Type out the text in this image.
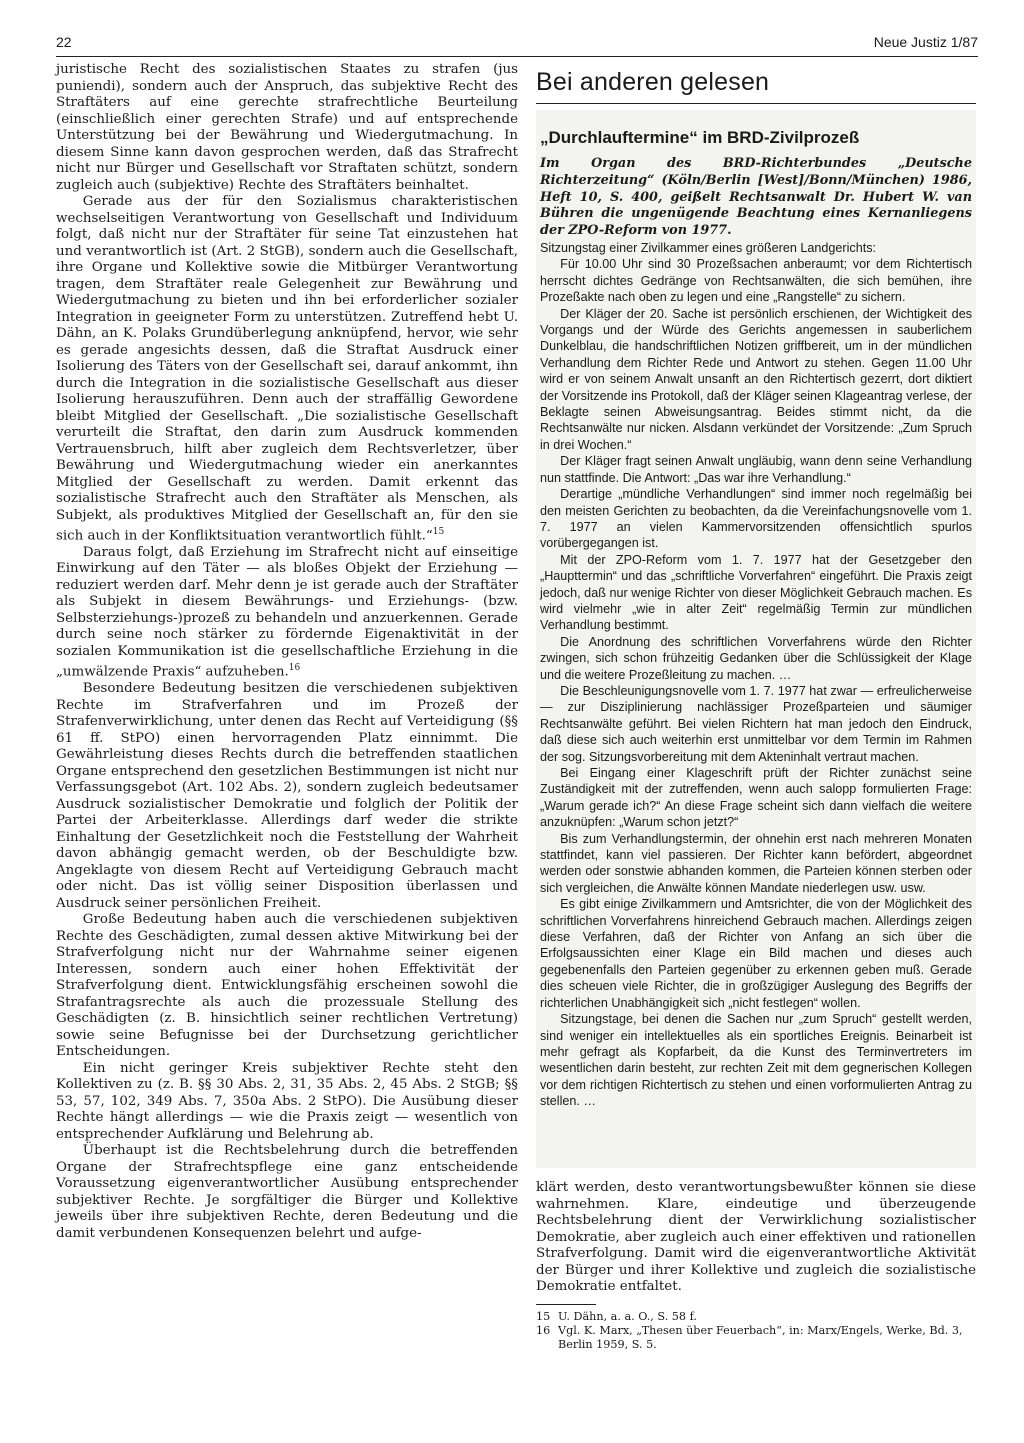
22	Neue Justiz 1/87

juristische Recht des sozialistischen Staates zu strafen (jus puniendi), sondern auch der Anspruch, das subjektive Recht des Straftäters auf eine gerechte strafrechtliche Beurteilung (einschließlich einer gerechten Strafe) und auf entsprechende Unterstützung bei der Bewährung und Wiedergutmachung. In diesem Sinne kann davon gesprochen werden, daß das Strafrecht nicht nur Bürger und Gesellschaft vor Straftaten schützt, sondern zugleich auch (subjektive) Rechte des Straftäters beinhaltet.

Gerade aus der für den Sozialismus charakteristischen wechselseitigen Verantwortung von Gesellschaft und Individuum folgt, daß nicht nur der Straftäter für seine Tat einzustehen hat und verantwortlich ist (Art. 2 StGB), sondern auch die Gesellschaft, ihre Organe und Kollektive sowie die Mitbürger Verantwortung tragen, dem Straftäter reale Gelegenheit zur Bewährung und Wiedergutmachung zu bieten und ihn bei erforderlicher sozialer Integration in geeigneter Form zu unterstützen. Zutreffend hebt U. Dähn, an K. Polaks Grundüberlegung anknüpfend, hervor, wie sehr es gerade angesichts dessen, daß die Straftat Ausdruck einer Isolierung des Täters von der Gesellschaft sei, darauf ankommt, ihn durch die Integration in die sozialistische Gesellschaft aus dieser Isolierung herauszuführen. Denn auch der straffällig Gewordene bleibt Mitglied der Gesellschaft. „Die sozialistische Gesellschaft verurteilt die Straftat, den darin zum Ausdruck kommenden Vertrauensbruch, hilft aber zugleich dem Rechtsverletzer, über Bewährung und Wiedergutmachung wieder ein anerkanntes Mitglied der Gesellschaft zu werden. Damit erkennt das sozialistische Strafrecht auch den Straftäter als Menschen, als Subjekt, als produktives Mitglied der Gesellschaft an, für den sie sich auch in der Konfliktsituation verantwortlich fühlt.“$^{15}$

Daraus folgt, daß Erziehung im Strafrecht nicht auf einseitige Einwirkung auf den Täter — als bloßes Objekt der Erziehung — reduziert werden darf. Mehr denn je ist gerade auch der Straftäter als Subjekt in diesem Bewährungs- und Erziehungs- (bzw. Selbsterziehungs-)prozeß zu behandeln und anzuerkennen. Gerade durch seine noch stärker zu fördernde Eigenaktivität in der sozialen Kommunikation ist die gesellschaftliche Erziehung in die „umwälzende Praxis“ aufzuheben.$^{16}$

Besondere Bedeutung besitzen die verschiedenen subjektiven Rechte im Strafverfahren und im Prozeß der Strafenverwirklichung, unter denen das Recht auf Verteidigung (§§ 61 ff. StPO) einen hervorragenden Platz einnimmt. Die Gewährleistung dieses Rechts durch die betreffenden staatlichen Organe entsprechend den gesetzlichen Bestimmungen ist nicht nur Verfassungsgebot (Art. 102 Abs. 2), sondern zugleich bedeutsamer Ausdruck sozialistischer Demokratie und folglich der Politik der Partei der Arbeiterklasse. Allerdings darf weder die strikte Einhaltung der Gesetzlichkeit noch die Feststellung der Wahrheit davon abhängig gemacht werden, ob der Beschuldigte bzw. Angeklagte von diesem Recht auf Verteidigung Gebrauch macht oder nicht. Das ist völlig seiner Disposition überlassen und Ausdruck seiner persönlichen Freiheit.

Große Bedeutung haben auch die verschiedenen subjektiven Rechte des Geschädigten, zumal dessen aktive Mitwirkung bei der Strafverfolgung nicht nur der Wahrnahme seiner eigenen Interessen, sondern auch einer hohen Effektivität der Strafverfolgung dient. Entwicklungsfähig erscheinen sowohl die Strafantragsrechte als auch die prozessuale Stellung des Geschädigten (z. B. hinsichtlich seiner rechtlichen Vertretung) sowie seine Befugnisse bei der Durchsetzung gerichtlicher Entscheidungen.

Ein nicht geringer Kreis subjektiver Rechte steht den Kollektiven zu (z. B. §§ 30 Abs. 2, 31, 35 Abs. 2, 45 Abs. 2 StGB; §§ 53, 57, 102, 349 Abs. 7, 350a Abs. 2 StPO). Die Ausübung dieser Rechte hängt allerdings — wie die Praxis zeigt — wesentlich von entsprechender Aufklärung und Belehrung ab.

Überhaupt ist die Rechtsbelehrung durch die betreffenden Organe der Strafrechtspflege eine ganz entscheidende Voraussetzung eigenverantwortlicher Ausübung entsprechender subjektiver Rechte. Je sorgfältiger die Bürger und Kollektive jeweils über ihre subjektiven Rechte, deren Bedeutung und die damit verbundenen Konsequenzen belehrt und aufge-

Bei anderen gelesen
„Durchlauftermine“ im BRD-Zivilprozeß

Im Organ des BRD-Richterbundes „Deutsche Richterzeitung“ (Köln/Berlin [West]/Bonn/München) 1986, Heft 10, S. 400, geißelt Rechtsanwalt Dr. Hubert W. van Bühren die ungenügende Beachtung eines Kernanliegens der ZPO-Reform von 1977.

Sitzungstag einer Zivilkammer eines größeren Landgerichts:

Für 10.00 Uhr sind 30 Prozeßsachen anberaumt; vor dem Richtertisch herrscht dichtes Gedränge von Rechtsanwälten, die sich bemühen, ihre Prozeßakte nach oben zu legen und eine „Rangstelle“ zu sichern.

Der Kläger der 20. Sache ist persönlich erschienen, der Wichtigkeit des Vorgangs und der Würde des Gerichts angemessen in sauberlichem Dunkelblau, die handschriftlichen Notizen griffbereit, um in der mündlichen Verhandlung dem Richter Rede und Antwort zu stehen. Gegen 11.00 Uhr wird er von seinem Anwalt unsanft an den Richtertisch gezerrt, dort diktiert der Vorsitzende ins Protokoll, daß der Kläger seinen Klageantrag verlese, der Beklagte seinen Abweisungsantrag. Beides stimmt nicht, da die Rechtsanwälte nur nicken. Alsdann verkündet der Vorsitzende: „Zum Spruch in drei Wochen.“

Der Kläger fragt seinen Anwalt ungläubig, wann denn seine Verhandlung nun stattfinde. Die Antwort: „Das war ihre Verhandlung.“

Derartige „mündliche Verhandlungen“ sind immer noch regelmäßig bei den meisten Gerichten zu beobachten, da die Vereinfachungsnovelle vom 1. 7. 1977 an vielen Kammervorsitzenden offensichtlich spurlos vorübergegangen ist.

Mit der ZPO-Reform vom 1. 7. 1977 hat der Gesetzgeber den „Haupttermin“ und das „schriftliche Vorverfahren“ eingeführt. Die Praxis zeigt jedoch, daß nur wenige Richter von dieser Möglichkeit Gebrauch machen. Es wird vielmehr „wie in alter Zeit“ regelmäßig Termin zur mündlichen Verhandlung bestimmt.

Die Anordnung des schriftlichen Vorverfahrens würde den Richter zwingen, sich schon frühzeitig Gedanken über die Schlüssigkeit der Klage und die weitere Prozeßleitung zu machen. …

Die Beschleunigungsnovelle vom 1. 7. 1977 hat zwar — erfreulicherweise — zur Disziplinierung nachlässiger Prozeßparteien und säumiger Rechtsanwälte geführt. Bei vielen Richtern hat man jedoch den Eindruck, daß diese sich auch weiterhin erst unmittelbar vor dem Termin im Rahmen der sog. Sitzungsvorbereitung mit dem Akteninhalt vertraut machen.

Bei Eingang einer Klageschrift prüft der Richter zunächst seine Zuständigkeit mit der zutreffenden, wenn auch salopp formulierten Frage: „Warum gerade ich?“ An diese Frage scheint sich dann vielfach die weitere anzuknüpfen: „Warum schon jetzt?“

Bis zum Verhandlungstermin, der ohnehin erst nach mehreren Monaten stattfindet, kann viel passieren. Der Richter kann befördert, abgeordnet werden oder sonstwie abhanden kommen, die Parteien können sterben oder sich vergleichen, die Anwälte können Mandate niederlegen usw. usw.

Es gibt einige Zivilkammern und Amtsrichter, die von der Möglichkeit des schriftlichen Vorverfahrens hinreichend Gebrauch machen. Allerdings zeigen diese Verfahren, daß der Richter von Anfang an sich über die Erfolgsaussichten einer Klage ein Bild machen und dieses auch gegebenenfalls den Parteien gegenüber zu erkennen geben muß. Gerade dies scheuen viele Richter, die in großzügiger Auslegung des Begriffs der richterlichen Unabhängigkeit sich „nicht festlegen“ wollen.

Sitzungstage, bei denen die Sachen nur „zum Spruch“ gestellt werden, sind weniger ein intellektuelles als ein sportliches Ereignis. Beinarbeit ist mehr gefragt als Kopfarbeit, da die Kunst des Terminvertreters im wesentlichen darin besteht, zur rechten Zeit mit dem gegnerischen Kollegen vor dem richtigen Richtertisch zu stehen und einen vorformulierten Antrag zu stellen. …

klärt werden, desto verantwortungsbewußter können sie diese wahrnehmen. Klare, eindeutige und überzeugende Rechtsbelehrung dient der Verwirklichung sozialistischer Demokratie, aber zugleich auch einer effektiven und rationellen Strafverfolgung. Damit wird die eigenverantwortliche Aktivität der Bürger und ihrer Kollektive und zugleich die sozialistische Demokratie entfaltet.

15 U. Dähn, a. a. O., S. 58 f.
16 Vgl. K. Marx, „Thesen über Feuerbach“, in: Marx/Engels, Werke, Bd. 3, Berlin 1959, S. 5.
